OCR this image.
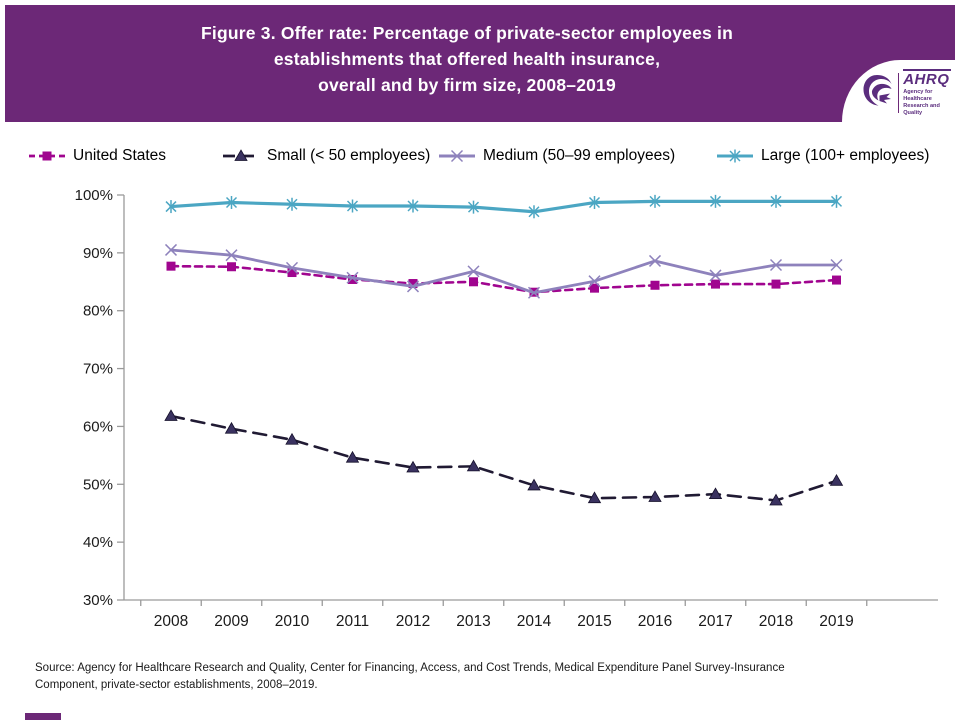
Figure 3. Offer rate: Percentage of private-sector employees in
establishments that offered health insurance,
overall and by firm size, 2008–2019	AHRQ
Agency for Healthcare
Research and Quality
United States	Small (< 50 employees)	Medium (50–99 employees)	Large (100+ employees)
30%
40%
50%
60%
70%
80%
90%
100%
2008 2009 2010 2011 2012 2013 2014 2015 2016 2017 2018 2019
Source: Agency for Healthcare Research and Quality, Center for Financing, Access, and Cost Trends, Medical Expenditure Panel Survey-Insurance
Component, private-sector establishments, 2008–2019.
